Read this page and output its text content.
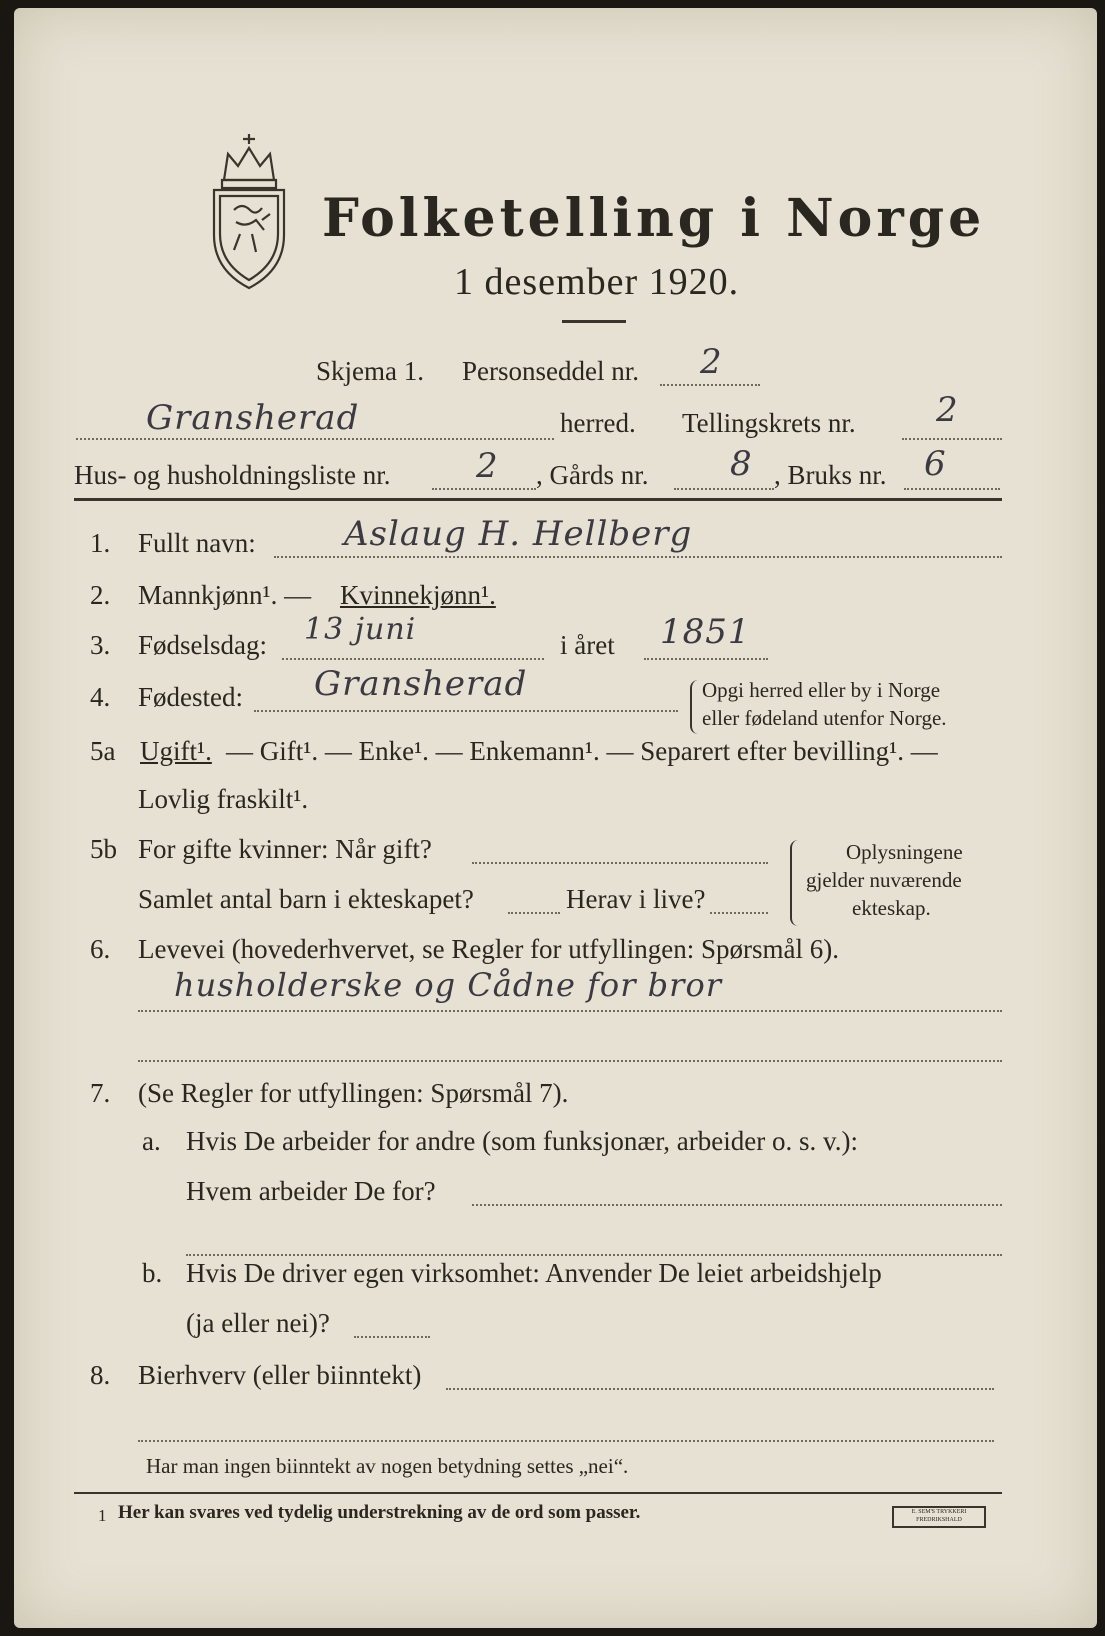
Folketelling i Norge
1 desember 1920.
Skjema 1. Personseddel nr. 2
Gransherad	herred. Tellingskrets nr. 2
Hus- og husholdningsliste nr.	2 , Gårds nr. 8 , Bruks nr. 6
1. Fullt navn:	Aslaug H. Hellberg
2. Mannkjønn¹. — Kvinnekjønn¹.
3. Fødselsdag: 13 juni	i året 1851
4. Fødested: Gransherad	Opgi herred eller by i Norge
eller fødeland utenfor Norge.
5a Ugift¹. — Gift¹. — Enke¹. — Enkemann¹. — Separert efter bevilling¹. —
Lovlig fraskilt¹.
5b For gifte kvinner: Når gift?
Samlet antal barn i ekteskapet?	Herav i live?
Oplysningene
gjelder nuværende
ekteskap.
6. Levevei (hovederhvervet, se Regler for utfyllingen: Spørsmål 6).
husholderske og Cådne for bror
7. (Se Regler for utfyllingen: Spørsmål 7).
a. Hvis De arbeider for andre (som funksjonær, arbeider o. s. v.):
Hvem arbeider De for?
b. Hvis De driver egen virksomhet: Anvender De leiet arbeidshjelp
(ja eller nei)?
8. Bierhverv (eller biinntekt)
Har man ingen biinntekt av nogen betydning settes „nei“.
1 Her kan svares ved tydelig understrekning av de ord som passer.	E. SEM'S TRYKKERI FREDRIKSHALD
